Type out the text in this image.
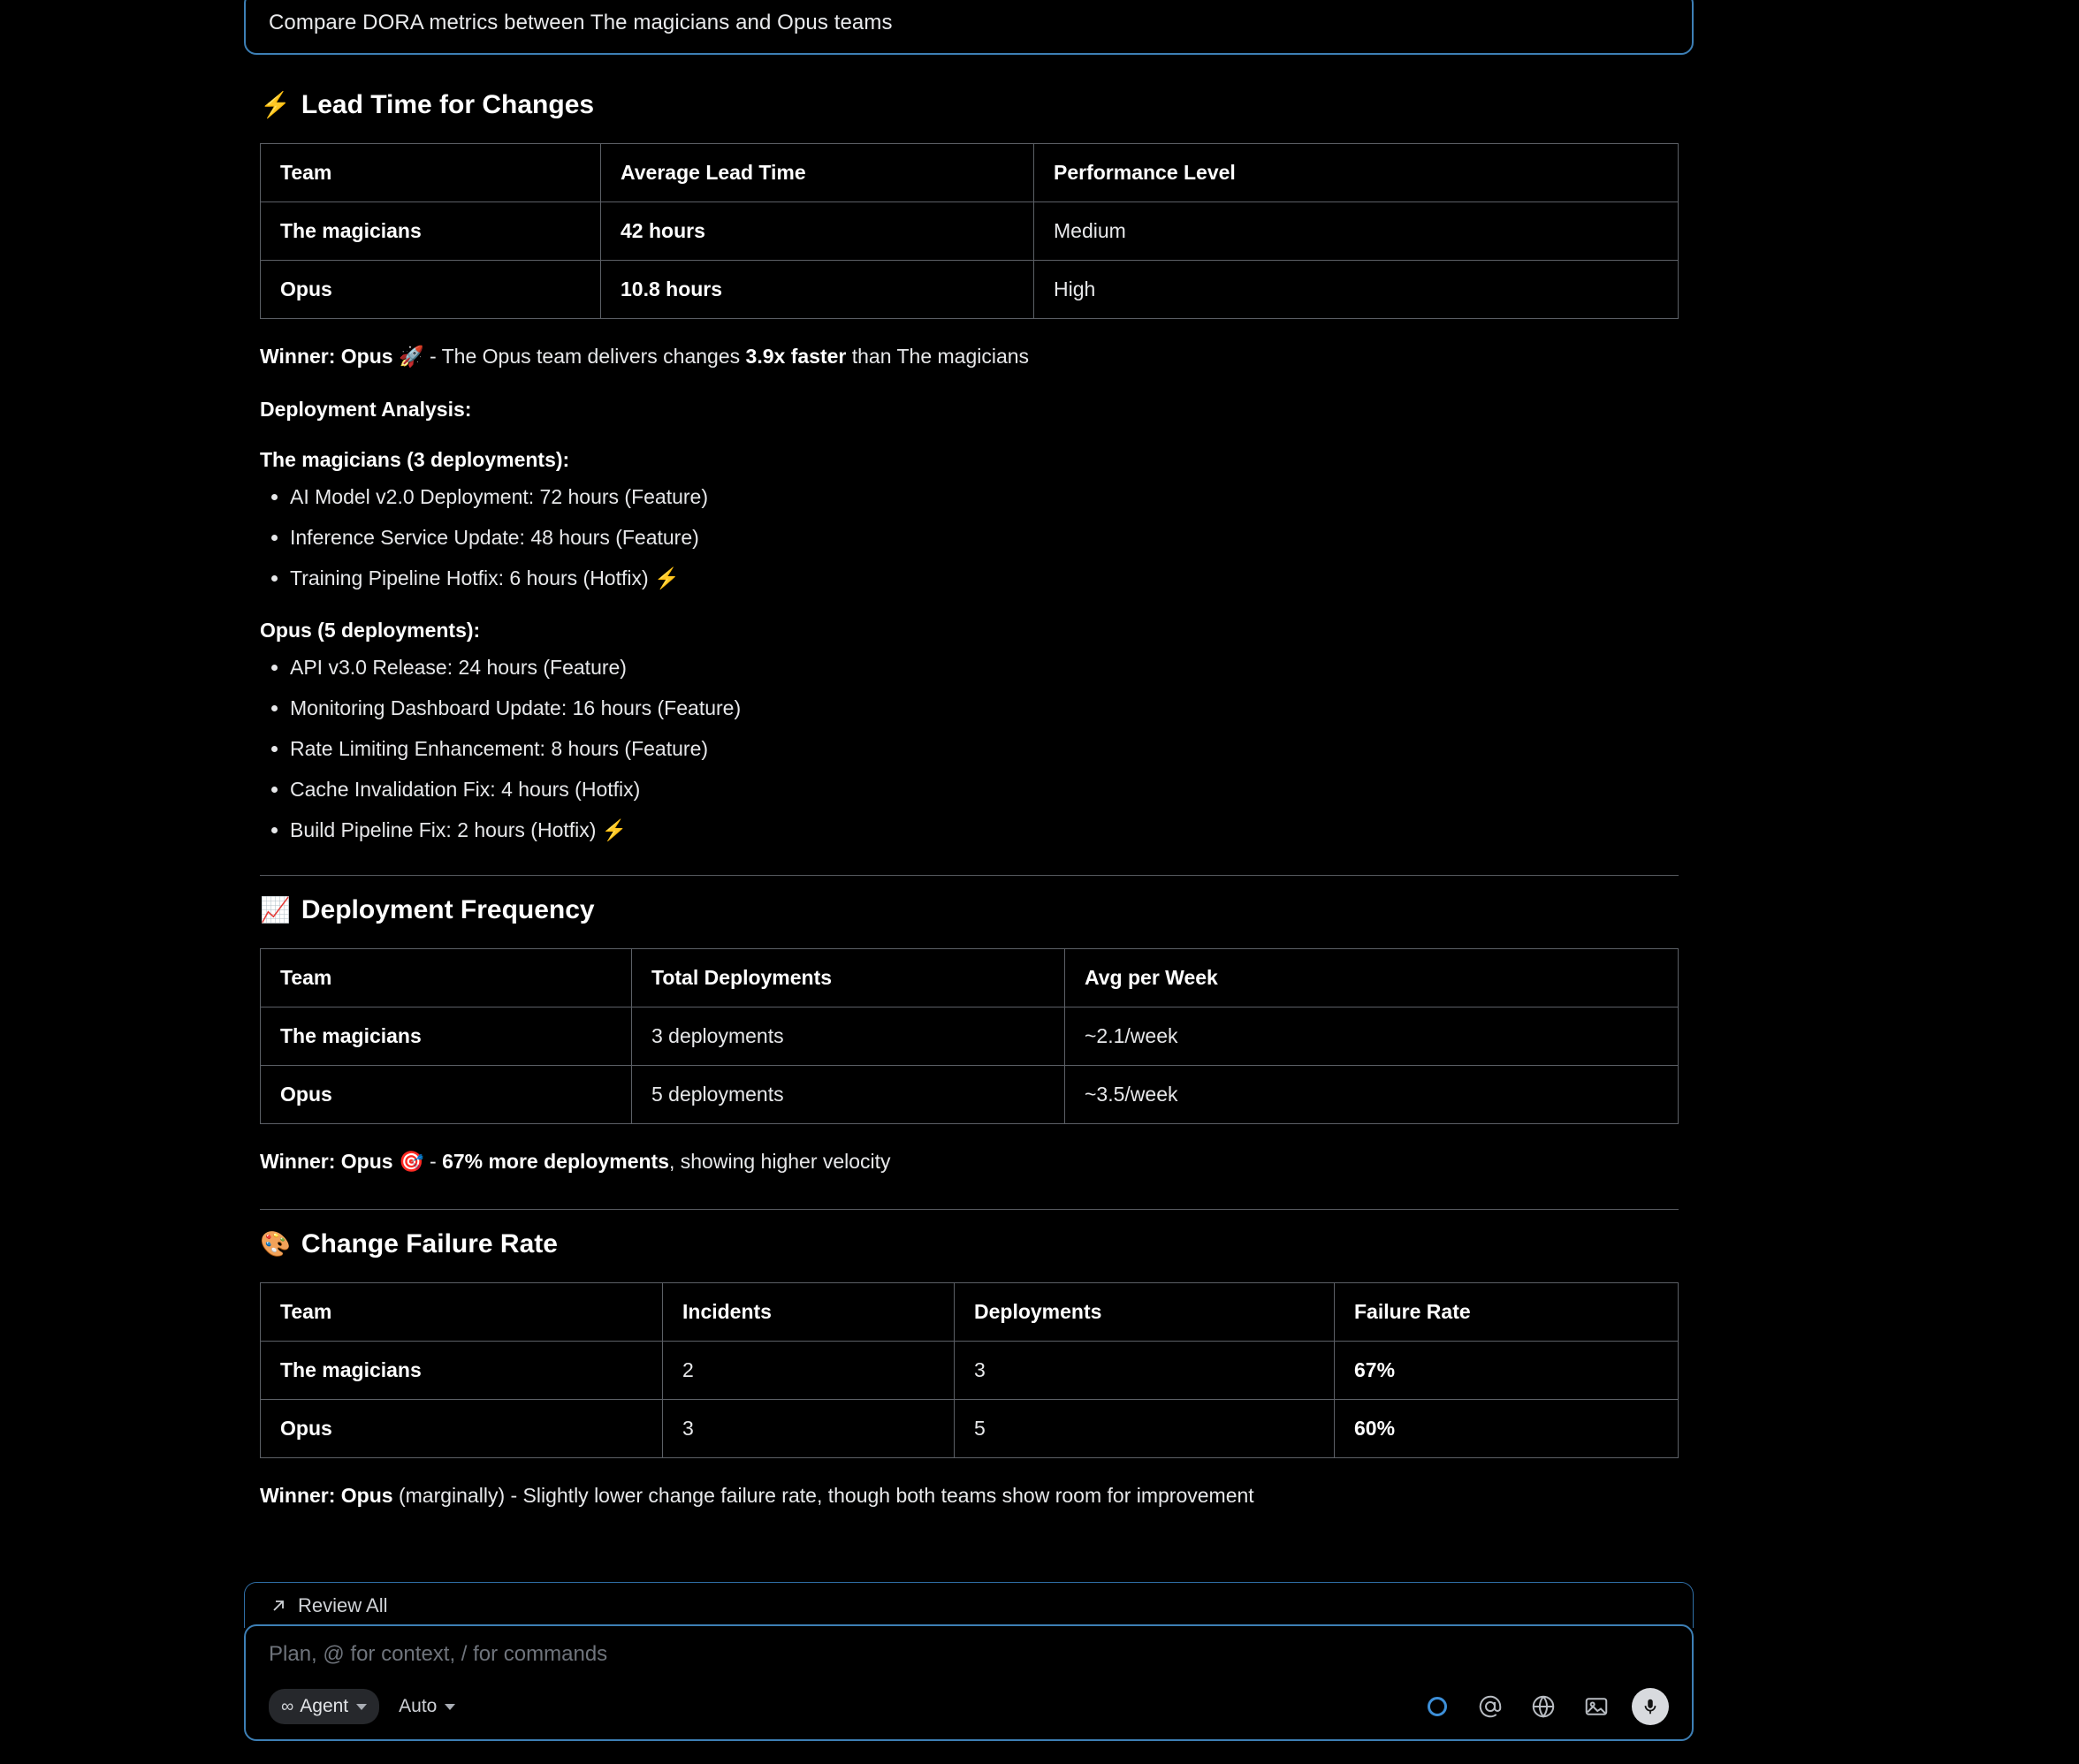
Compare DORA metrics between The magicians and Opus teams
⚡ Lead Time for Changes
Team	Average Lead Time	Performance Level
The magicians	42 hours	Medium
Opus	10.8 hours	High

Winner: Opus 🚀 - The Opus team delivers changes 3.9x faster than The magicians

Deployment Analysis:

The magicians (3 deployments):

• AI Model v2.0 Deployment: 72 hours (Feature)
• Inference Service Update: 48 hours (Feature)
• Training Pipeline Hotfix: 6 hours (Hotfix) ⚡

Opus (5 deployments):

• API v3.0 Release: 24 hours (Feature)
• Monitoring Dashboard Update: 16 hours (Feature)
• Rate Limiting Enhancement: 8 hours (Feature)
• Cache Invalidation Fix: 4 hours (Hotfix)
• Build Pipeline Fix: 2 hours (Hotfix) ⚡
📈 Deployment Frequency
Team	Total Deployments	Avg per Week
The magicians	3 deployments	~2.1/week
Opus	5 deployments	~3.5/week

Winner: Opus 🎯 - 67% more deployments, showing higher velocity

🎨 Change Failure Rate
Team	Incidents	Deployments	Failure Rate
The magicians	2	3	67%
Opus	3	5	60%

Winner: Opus (marginally) - Slightly lower change failure rate, though both teams show room for improvement

Review All
Plan, @ for context, / for commands
∞ Agent	Auto
